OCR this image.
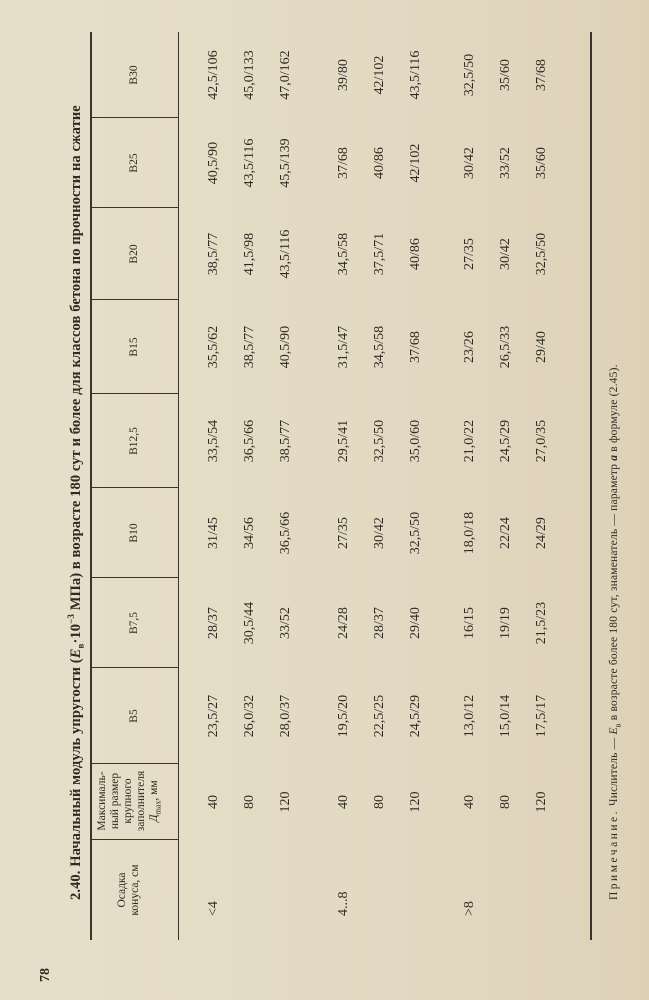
78
2.40. Начальный модуль упругости ($E_в\cdot 10^{-3}$ МПа) в возрасте 180 сут и более для классов бетона по прочности на сжатие
Осадка конуса, см
Максималь- ный размер крупного заполнителя $Д_{max}$, мм
B5
B7,5
B10
B12,5
B15
B20
B25
B30
<4
40 80 120
4...8
40 80 120
>8
40 80 120
23,5/27
28/37
31/45
33,5/54
35,5/62
38,5/77
40,5/90
42,5/106
26,0/32
30,5/44
34/56
36,5/66
38,5/77
41,5/98
43,5/116
45,0/133
28,0/37
33/52
36,5/66
38,5/77
40,5/90
43,5/116
45,5/139
47,0/162
19,5/20
24/28
27/35
29,5/41
31,5/47
34,5/58
37/68
39/80
22,5/25
28/37
30/42
32,5/50
34,5/58
37,5/71
40/86
42/102
24,5/29
29/40
32,5/50
35,0/60
37/68
40/86
42/102
43,5/116
13,0/12
16/15
18,0/18
21,0/22
23/26
27/35
30/42
32,5/50
15,0/14
19/19
22/24
24,5/29
26,5/33
30/42
33/52
35/60
17,5/17
21,5/23
24/29
27,0/35
29/40
32,5/50
35/60
37/68
Примечание. Числитель — $E_в$ в возрасте более 180 сут, знаменатель — параметр a в формуле (2.45).
